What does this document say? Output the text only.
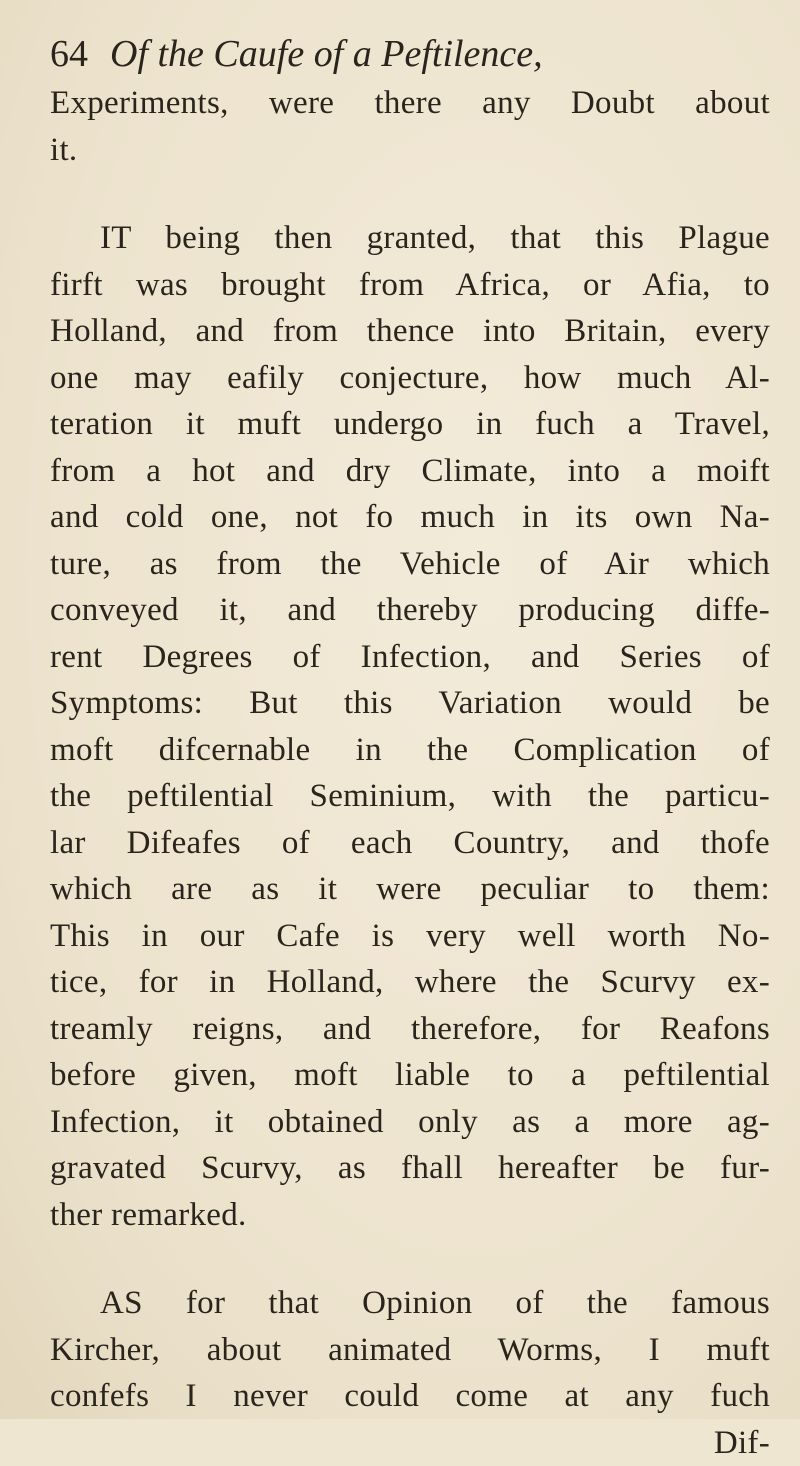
64 Of the Caufe of a Peftilence,
Experiments, were there any Doubt about
it.
IT being then granted, that this Plague
firft was brought from Africa, or Afia, to
Holland, and from thence into Britain, every
one may eafily conjecture, how much Al-
teration it muft undergo in fuch a Travel,
from a hot and dry Climate, into a moift
and cold one, not fo much in its own Na-
ture, as from the Vehicle of Air which
conveyed it, and thereby producing diffe-
rent Degrees of Infection, and Series of
Symptoms: But this Variation would be
moft difcernable in the Complication of
the peftilential Seminium, with the particu-
lar Difeafes of each Country, and thofe
which are as it were peculiar to them:
This in our Cafe is very well worth No-
tice, for in Holland, where the Scurvy ex-
treamly reigns, and therefore, for Reafons
before given, moft liable to a peftilential
Infection, it obtained only as a more ag-
gravated Scurvy, as fhall hereafter be fur-
ther remarked.
AS for that Opinion of the famous
Kircher, about animated Worms, I muft
confefs I never could come at any fuch
Dif-
